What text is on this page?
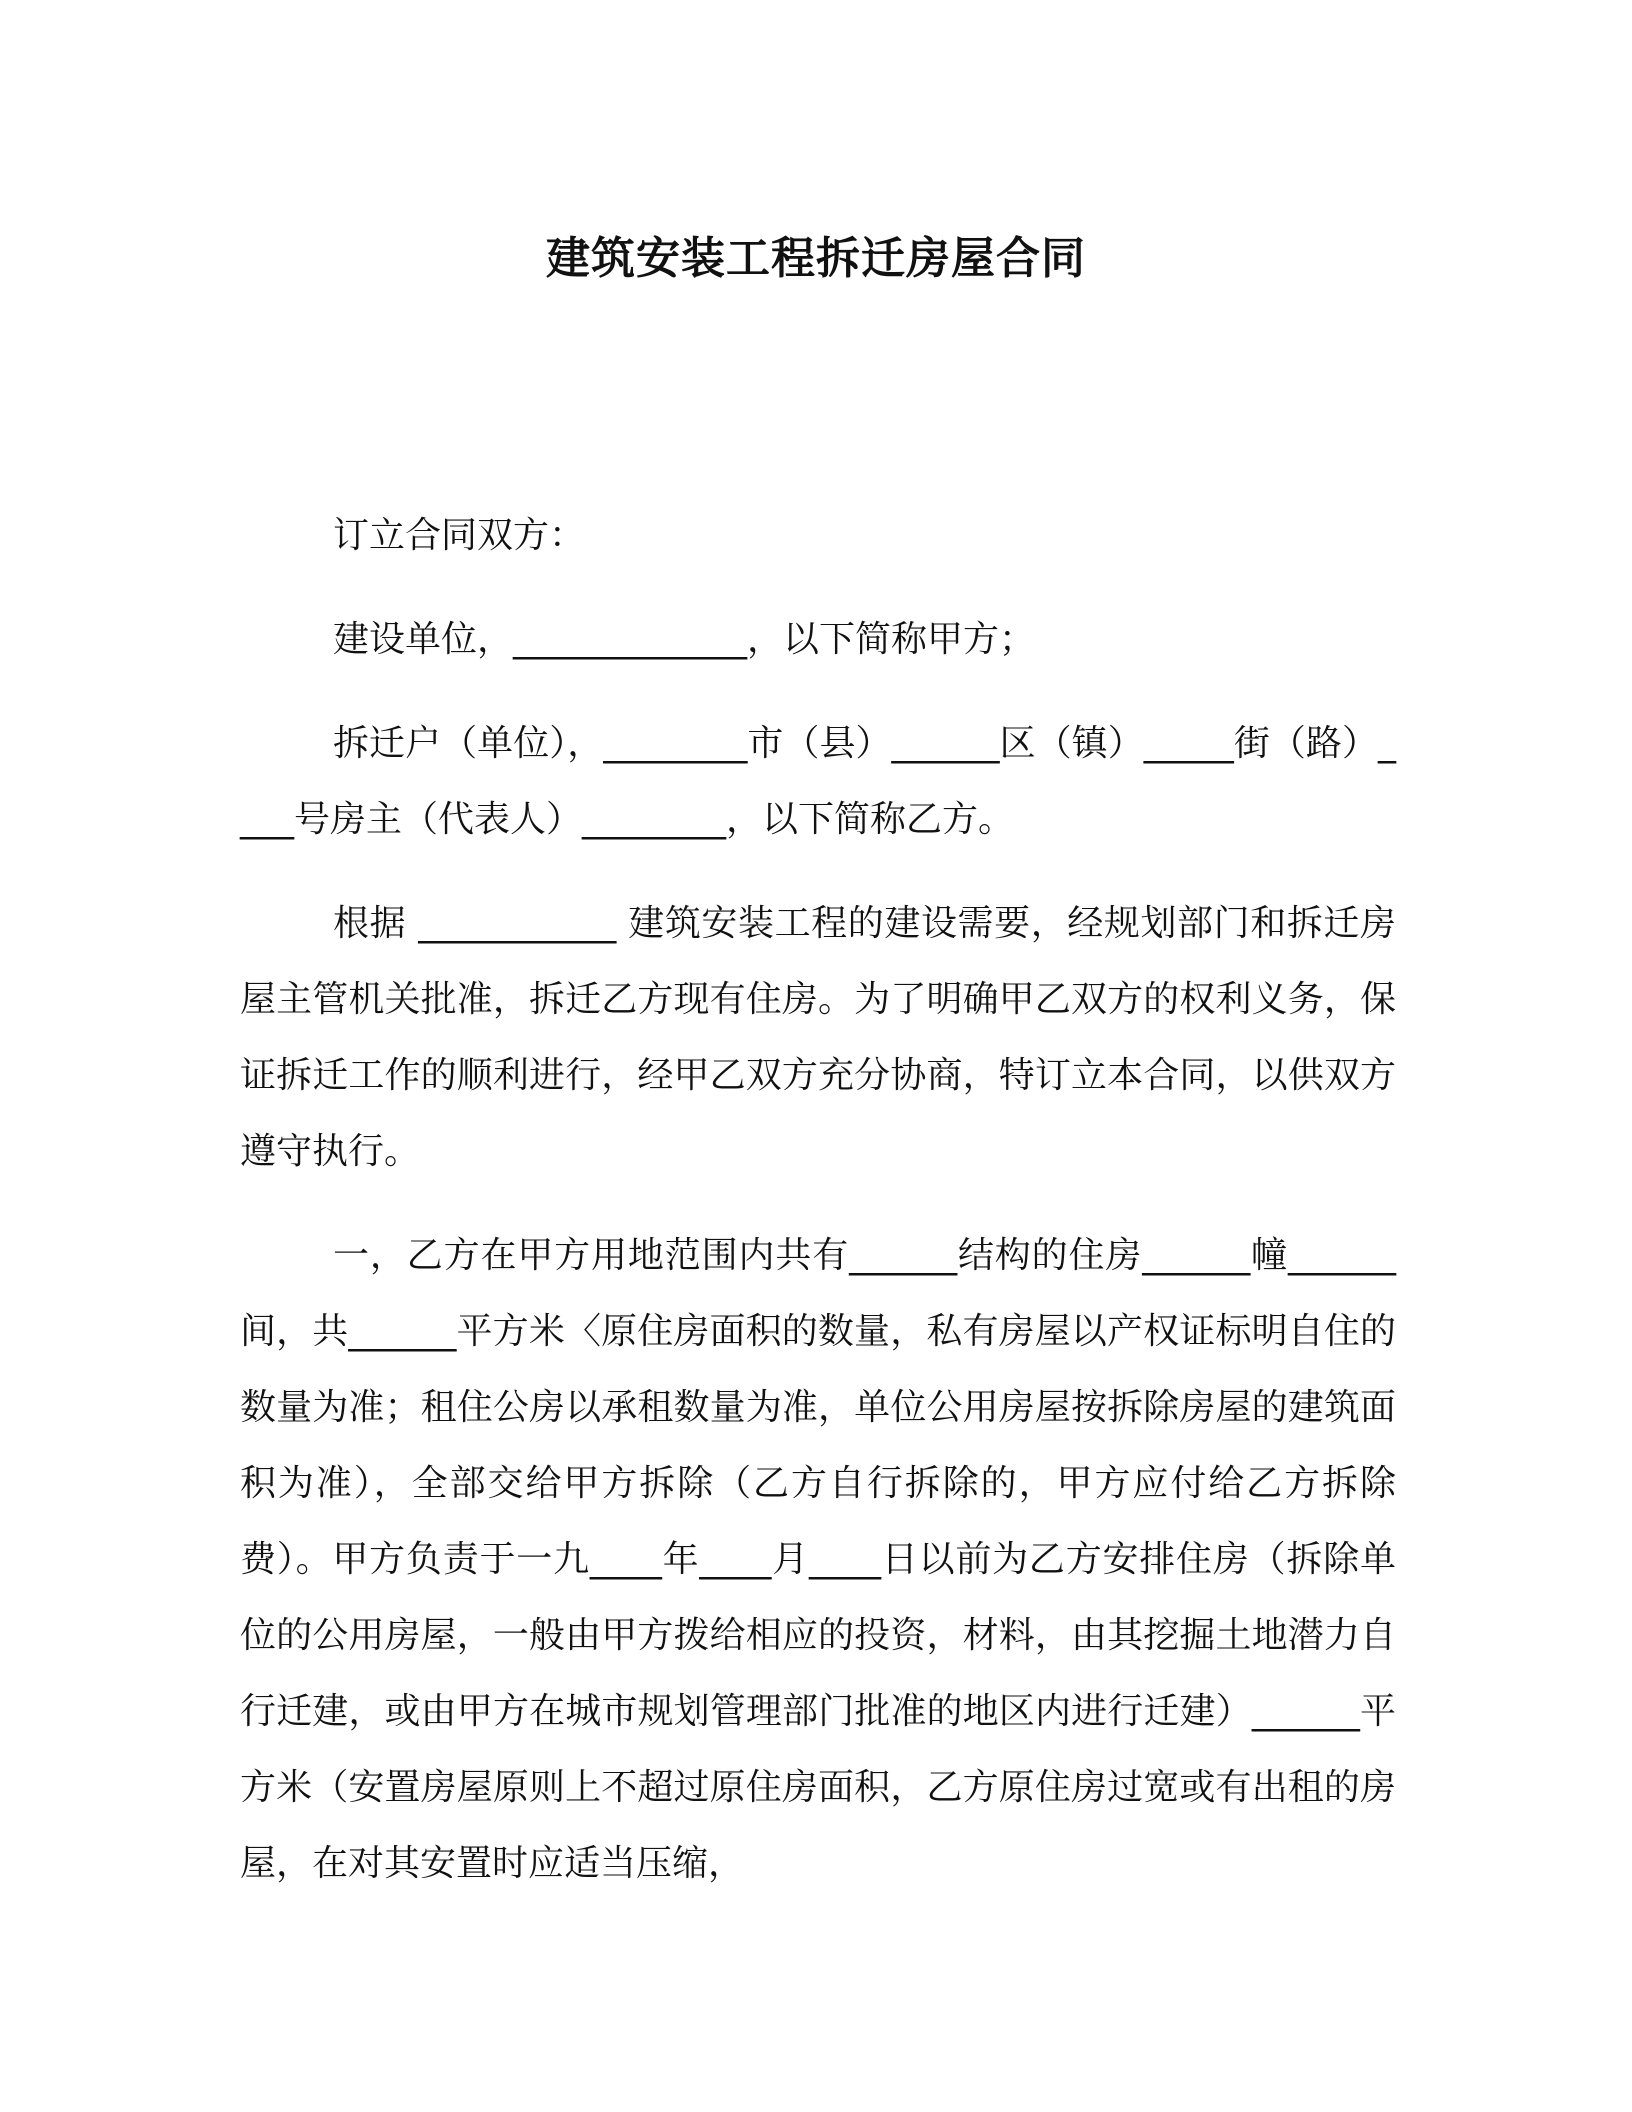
建筑安装工程拆迁房屋合同

订立合同双方：

建设单位，_____________，以下简称甲方；

拆迁户（单位），________市（县）______区（镇）_____街（路）____号房主（代表人）________，以下简称乙方。

根据 ___________ 建筑安装工程的建设需要，经规划部门和拆迁房屋主管机关批准，拆迁乙方现有住房。为了明确甲乙双方的权利义务，保证拆迁工作的顺利进行，经甲乙双方充分协商，特订立本合同，以供双方遵守执行。

一，乙方在甲方用地范围内共有______结构的住房______幢______间，共______平方米〈原住房面积的数量，私有房屋以产权证标明自住的数量为准；租住公房以承租数量为准，单位公用房屋按拆除房屋的建筑面积为准），全部交给甲方拆除（乙方自行拆除的，甲方应付给乙方拆除费）。甲方负责于一九____年____月____日以前为乙方安排住房（拆除单位的公用房屋，一般由甲方拨给相应的投资，材料，由其挖掘土地潜力自行迁建，或由甲方在城市规划管理部门批准的地区内进行迁建）______平方米（安置房屋原则上不超过原住房面积，乙方原住房过宽或有出租的房屋，在对其安置时应适当压缩，
